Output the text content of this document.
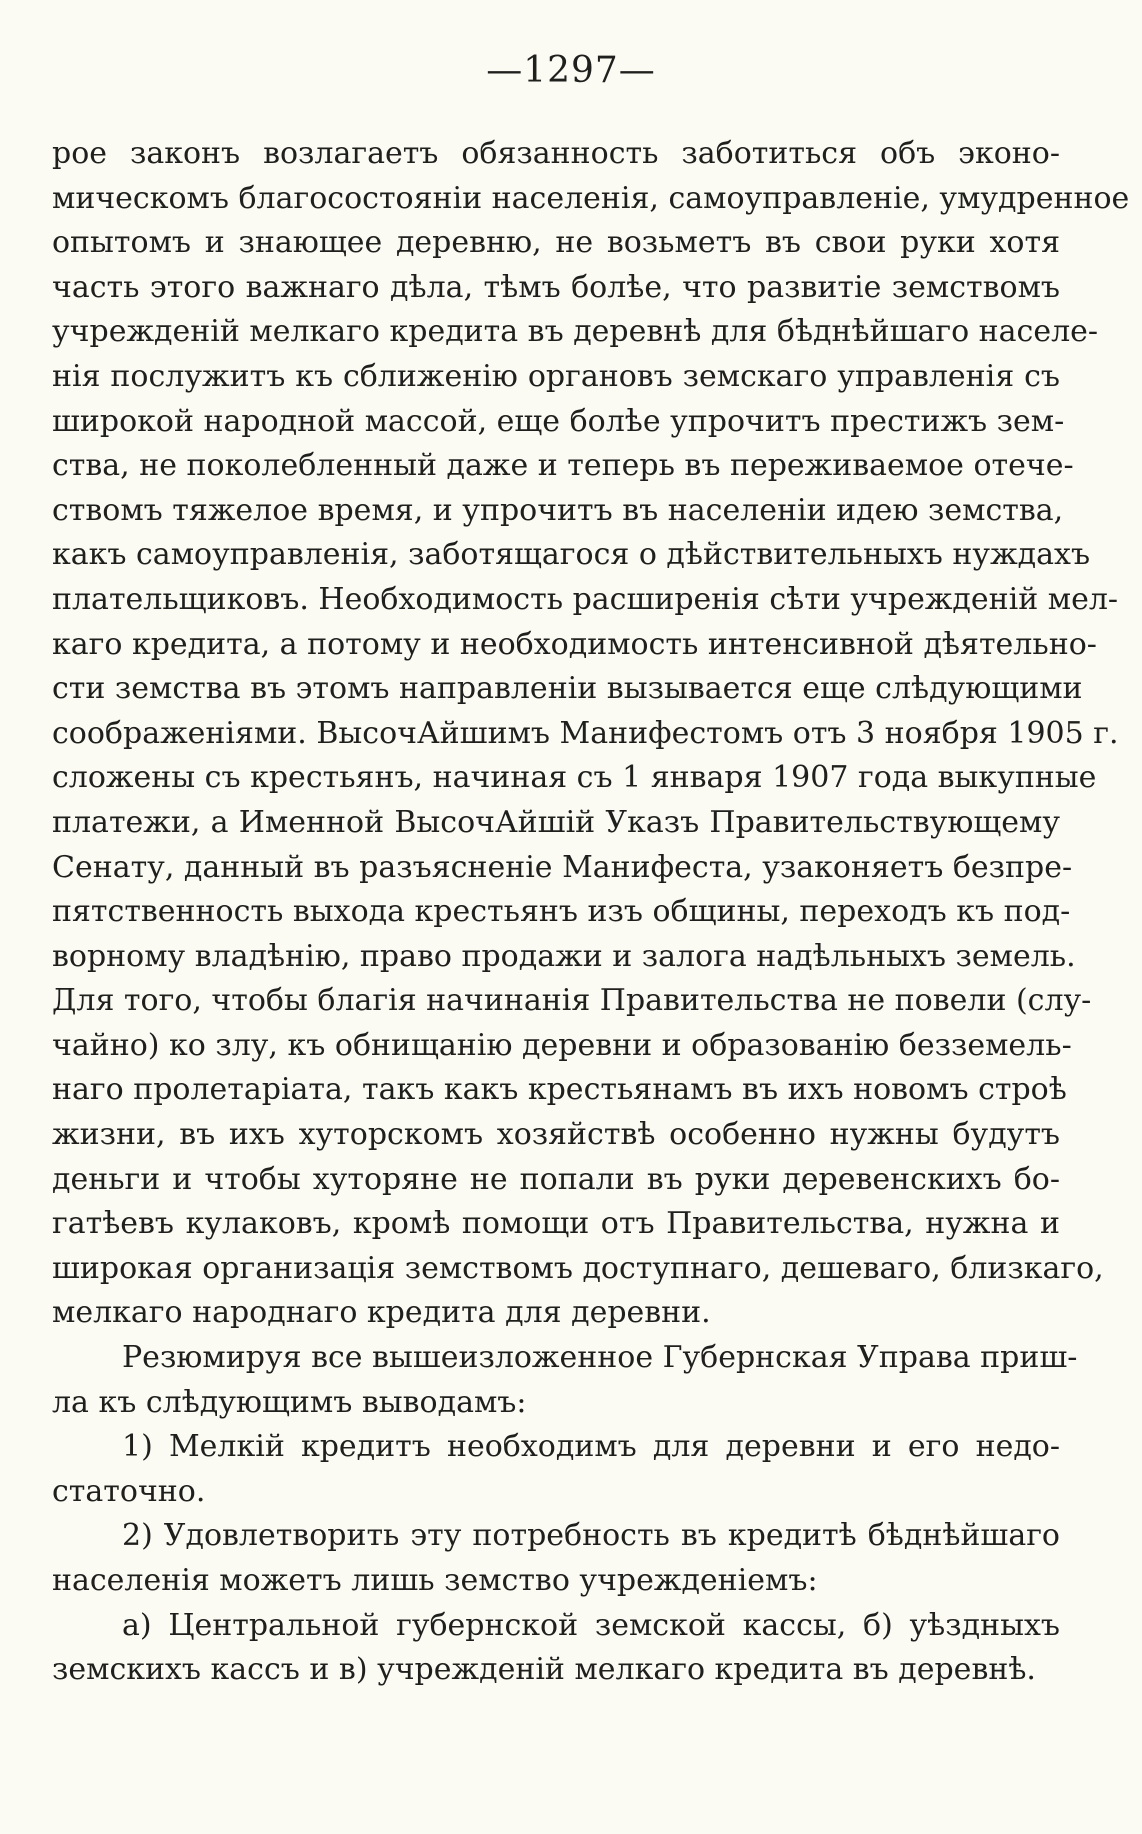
—1297—
рое законъ возлагаетъ обязанность заботиться объ эконо-
мическомъ благосостояніи населенія, самоуправленіе, умудренное
опытомъ и знающее деревню, не возьметъ въ свои руки хотя
часть этого важнаго дѣла, тѣмъ болѣе, что развитіе земствомъ
учрежденій мелкаго кредита въ деревнѣ для бѣднѣйшаго населе-
нія послужитъ къ сближенію органовъ земскаго управленія съ
широкой народной массой, еще болѣе упрочитъ престижъ зем-
ства, не поколебленный даже и теперь въ переживаемое отече-
ствомъ тяжелое время, и упрочитъ въ населеніи идею земства,
какъ самоуправленія, заботящагося о дѣйствительныхъ нуждахъ
плательщиковъ. Необходимость расширенія сѣти учрежденій мел-
каго кредита, а потому и необходимость интенсивной дѣятельно-
сти земства въ этомъ направленіи вызывается еще слѣдующими
соображеніями. ВысочАйшимъ Манифестомъ отъ 3 ноября 1905 г.
сложены съ крестьянъ, начиная съ 1 января 1907 года выкупные
платежи, а Именной ВысочАйшій Указъ Правительствующему
Сенату, данный въ разъясненіе Манифеста, узаконяетъ безпре-
пятственность выхода крестьянъ изъ общины, переходъ къ под-
ворному владѣнію, право продажи и залога надѣльныхъ земель.
Для того, чтобы благія начинанія Правительства не повели (слу-
чайно) ко злу, къ обнищанію деревни и образованію безземель-
наго пролетаріата, такъ какъ крестьянамъ въ ихъ новомъ строѣ
жизни, въ ихъ хуторскомъ хозяйствѣ особенно нужны будутъ
деньги и чтобы хуторяне не попали въ руки деревенскихъ бо-
гатѣевъ кулаковъ, кромѣ помощи отъ Правительства, нужна и
широкая организація земствомъ доступнаго, дешеваго, близкаго,
мелкаго народнаго кредита для деревни.
Резюмируя все вышеизложенное Губернская Управа приш-
ла къ слѣдующимъ выводамъ:
1) Мелкій кредитъ необходимъ для деревни и его недо-
статочно.
2) Удовлетворить эту потребность въ кредитѣ бѣднѣйшаго
населенія можетъ лишь земство учрежденіемъ:
а) Центральной губернской земской кассы, б) уѣздныхъ
земскихъ кассъ и в) учрежденій мелкаго кредита въ деревнѣ.
